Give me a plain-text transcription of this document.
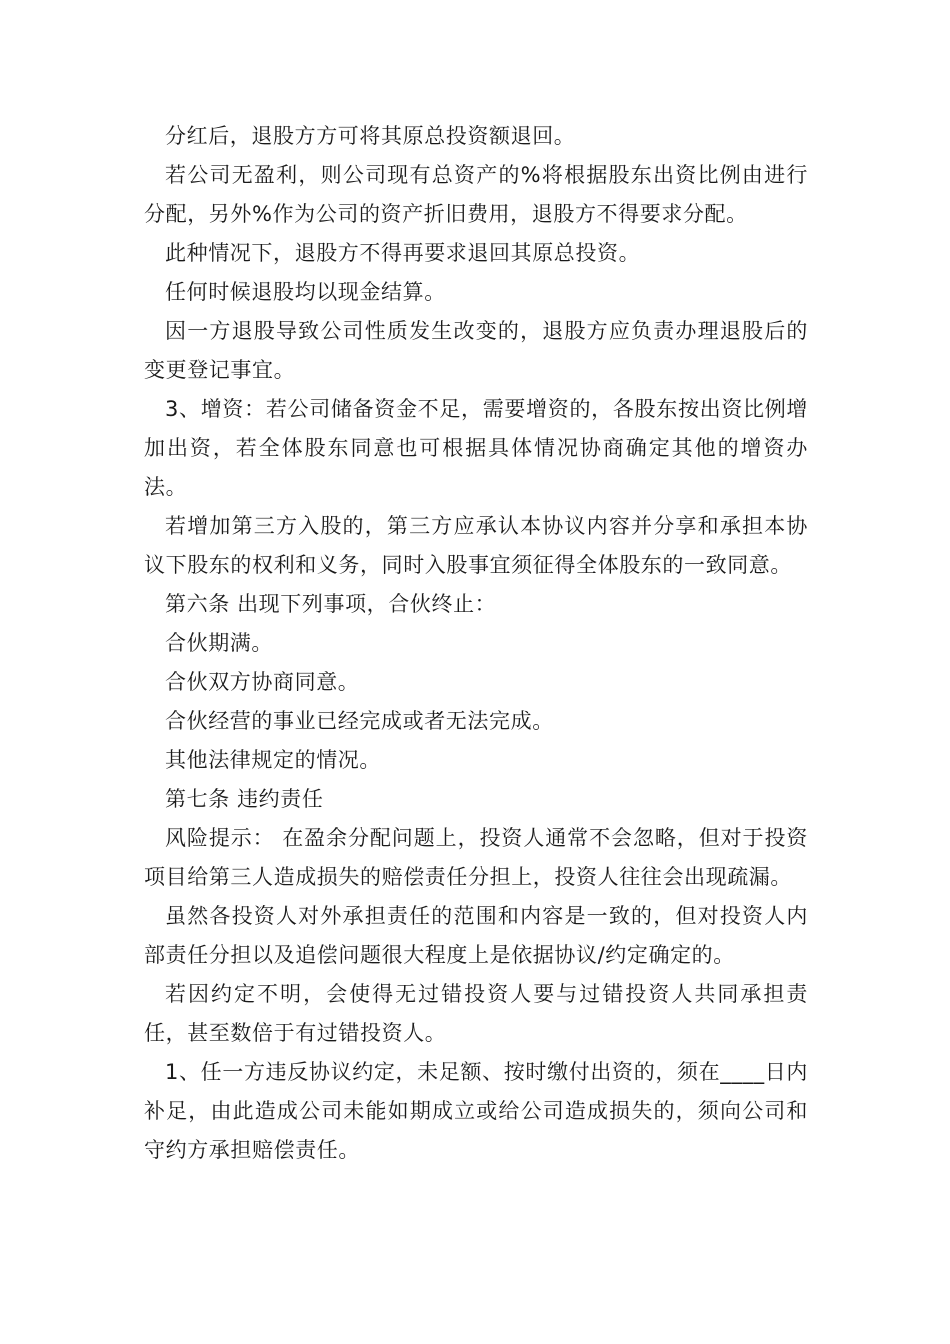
分红后，退股方方可将其原总投资额退回。

若公司无盈利，则公司现有总资产的%将根据股东出资比例由进行分配，另外%作为公司的资产折旧费用，退股方不得要求分配。

此种情况下，退股方不得再要求退回其原总投资。

任何时候退股均以现金结算。

因一方退股导致公司性质发生改变的，退股方应负责办理退股后的变更登记事宜。

3、增资：若公司储备资金不足，需要增资的，各股东按出资比例增加出资，若全体股东同意也可根据具体情况协商确定其他的增资办法。

若增加第三方入股的，第三方应承认本协议内容并分享和承担本协议下股东的权利和义务，同时入股事宜须征得全体股东的一致同意。

第六条 出现下列事项，合伙终止：

合伙期满。

合伙双方协商同意。

合伙经营的事业已经完成或者无法完成。

其他法律规定的情况。

第七条 违约责任

风险提示： 在盈余分配问题上，投资人通常不会忽略，但对于投资项目给第三人造成损失的赔偿责任分担上，投资人往往会出现疏漏。

虽然各投资人对外承担责任的范围和内容是一致的，但对投资人内部责任分担以及追偿问题很大程度上是依据协议/约定确定的。

若因约定不明，会使得无过错投资人要与过错投资人共同承担责任，甚至数倍于有过错投资人。

1、任一方违反协议约定，未足额、按时缴付出资的，须在____日内补足，由此造成公司未能如期成立或给公司造成损失的，须向公司和守约方承担赔偿责任。
